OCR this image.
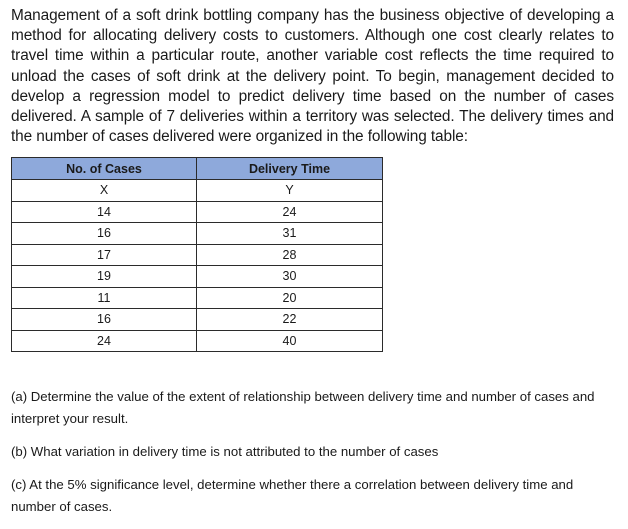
Management of a soft drink bottling company has the business objective of developing a method for allocating delivery costs to customers. Although one cost clearly relates to travel time within a particular route, another variable cost reflects the time required to unload the cases of soft drink at the delivery point. To begin, management decided to develop a regression model to predict delivery time based on the number of cases delivered. A sample of 7 deliveries within a territory was selected. The delivery times and the number of cases delivered were organized in the following table:
No. of Cases	Delivery Time
X	Y
14	24
16	31
17	28
19	30
11	20
16	22
24	40

(a) Determine the value of the extent of relationship between delivery time and number of cases and interpret your result.

(b) What variation in delivery time is not attributed to the number of cases

(c) At the 5% significance level, determine whether there a correlation between delivery time and number of cases.
